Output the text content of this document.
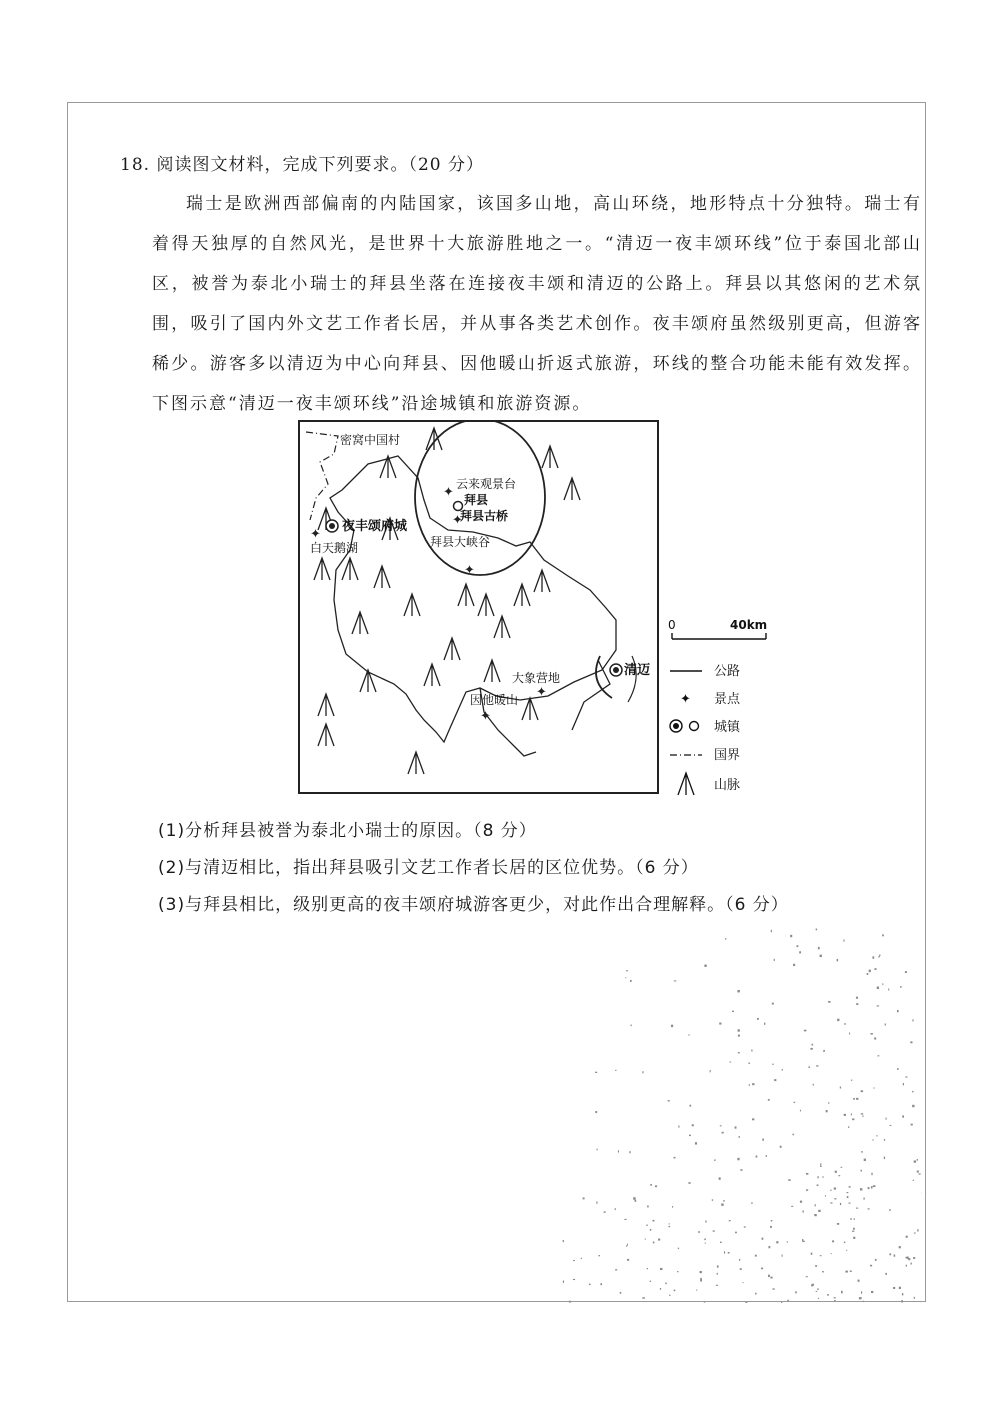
18. 阅读图文材料，完成下列要求。（20 分）
瑞士是欧洲西部偏南的内陆国家，该国多山地，高山环绕，地形特点十分独特。瑞士有着得天独厚的自然风光，是世界十大旅游胜地之一。“清迈一夜丰颂环线”位于泰国北部山区，被誉为泰北小瑞士的拜县坐落在连接夜丰颂和清迈的公路上。拜县以其悠闲的艺术氛围，吸引了国内外文艺工作者长居，并从事各类艺术创作。夜丰颂府虽然级别更高，但游客稀少。游客多以清迈为中心向拜县、因他暖山折返式旅游，环线的整合功能未能有效发挥。下图示意“清迈一夜丰颂环线”沿途城镇和旅游资源。
✦
✦
✦
✦
✦
✦
密窝中国村
云来观景台
拜县
拜县古桥
夜丰颂府城
白天鹅湖	拜县大峡谷
大象营地	清迈
因他暖山
0	40km
公路
✦ 景点
城镇
国界
山脉
(1)分析拜县被誉为泰北小瑞士的原因。（8 分）
(2)与清迈相比，指出拜县吸引文艺工作者长居的区位优势。（6 分）
(3)与拜县相比，级别更高的夜丰颂府城游客更少，对此作出合理解释。（6 分）
